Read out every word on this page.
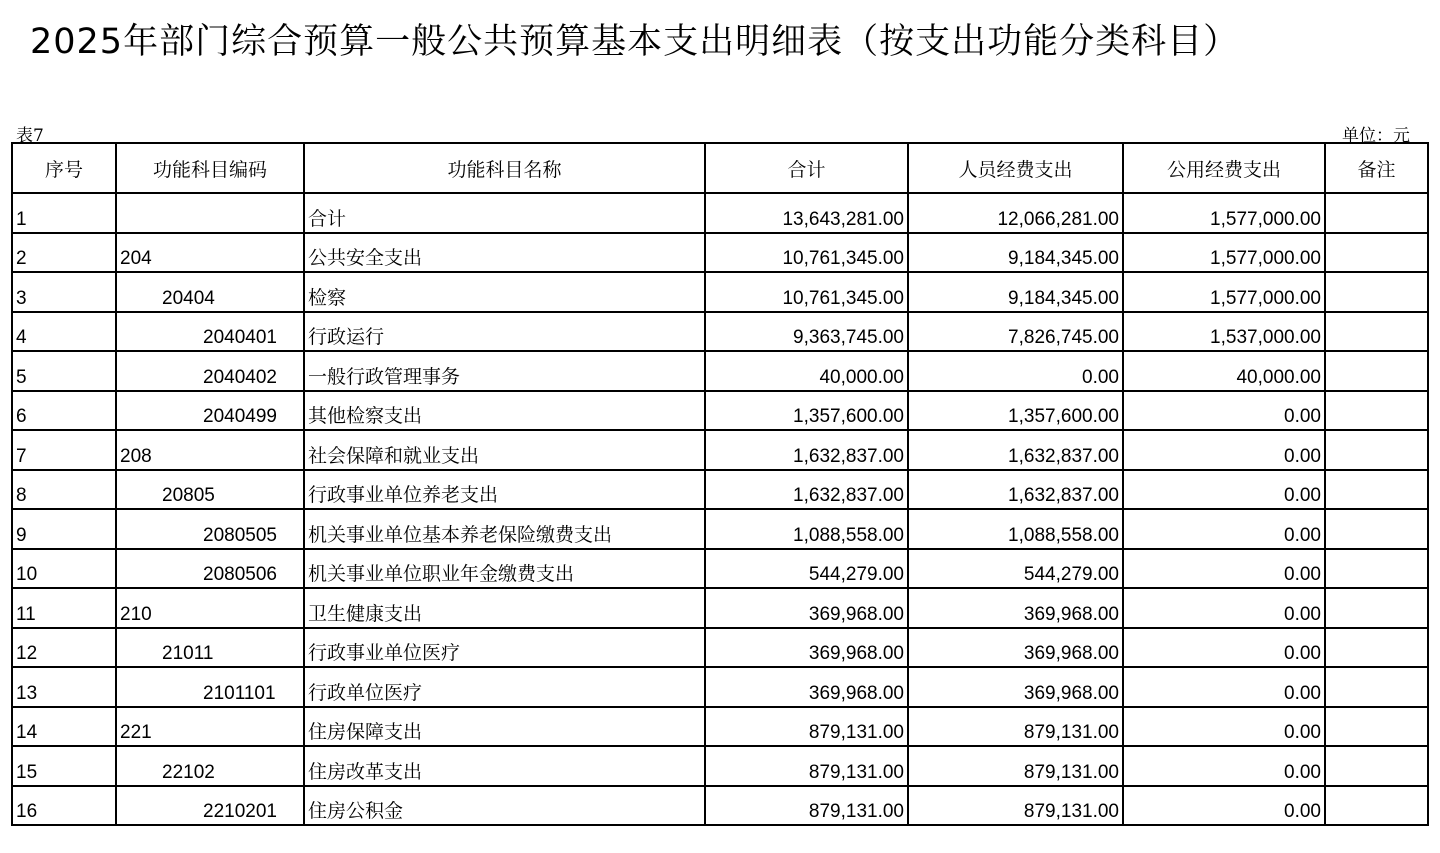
2025年部门综合预算一般公共预算基本支出明细表（按支出功能分类科目）
表7	单位：元
序号	功能科目编码	功能科目名称	合计	人员经费支出	公用经费支出	备注
1		合计	13,643,281.00	12,066,281.00	1,577,000.00	
2	204	公共安全支出	10,761,345.00	9,184,345.00	1,577,000.00	
3	20404	检察	10,761,345.00	9,184,345.00	1,577,000.00	
4	2040401	行政运行	9,363,745.00	7,826,745.00	1,537,000.00	
5	2040402	一般行政管理事务	40,000.00	0.00	40,000.00	
6	2040499	其他检察支出	1,357,600.00	1,357,600.00	0.00	
7	208	社会保障和就业支出	1,632,837.00	1,632,837.00	0.00	
8	20805	行政事业单位养老支出	1,632,837.00	1,632,837.00	0.00	
9	2080505	机关事业单位基本养老保险缴费支出	1,088,558.00	1,088,558.00	0.00	
10	2080506	机关事业单位职业年金缴费支出	544,279.00	544,279.00	0.00	
11	210	卫生健康支出	369,968.00	369,968.00	0.00	
12	21011	行政事业单位医疗	369,968.00	369,968.00	0.00	
13	2101101	行政单位医疗	369,968.00	369,968.00	0.00	
14	221	住房保障支出	879,131.00	879,131.00	0.00	
15	22102	住房改革支出	879,131.00	879,131.00	0.00	
16	2210201	住房公积金	879,131.00	879,131.00	0.00	
